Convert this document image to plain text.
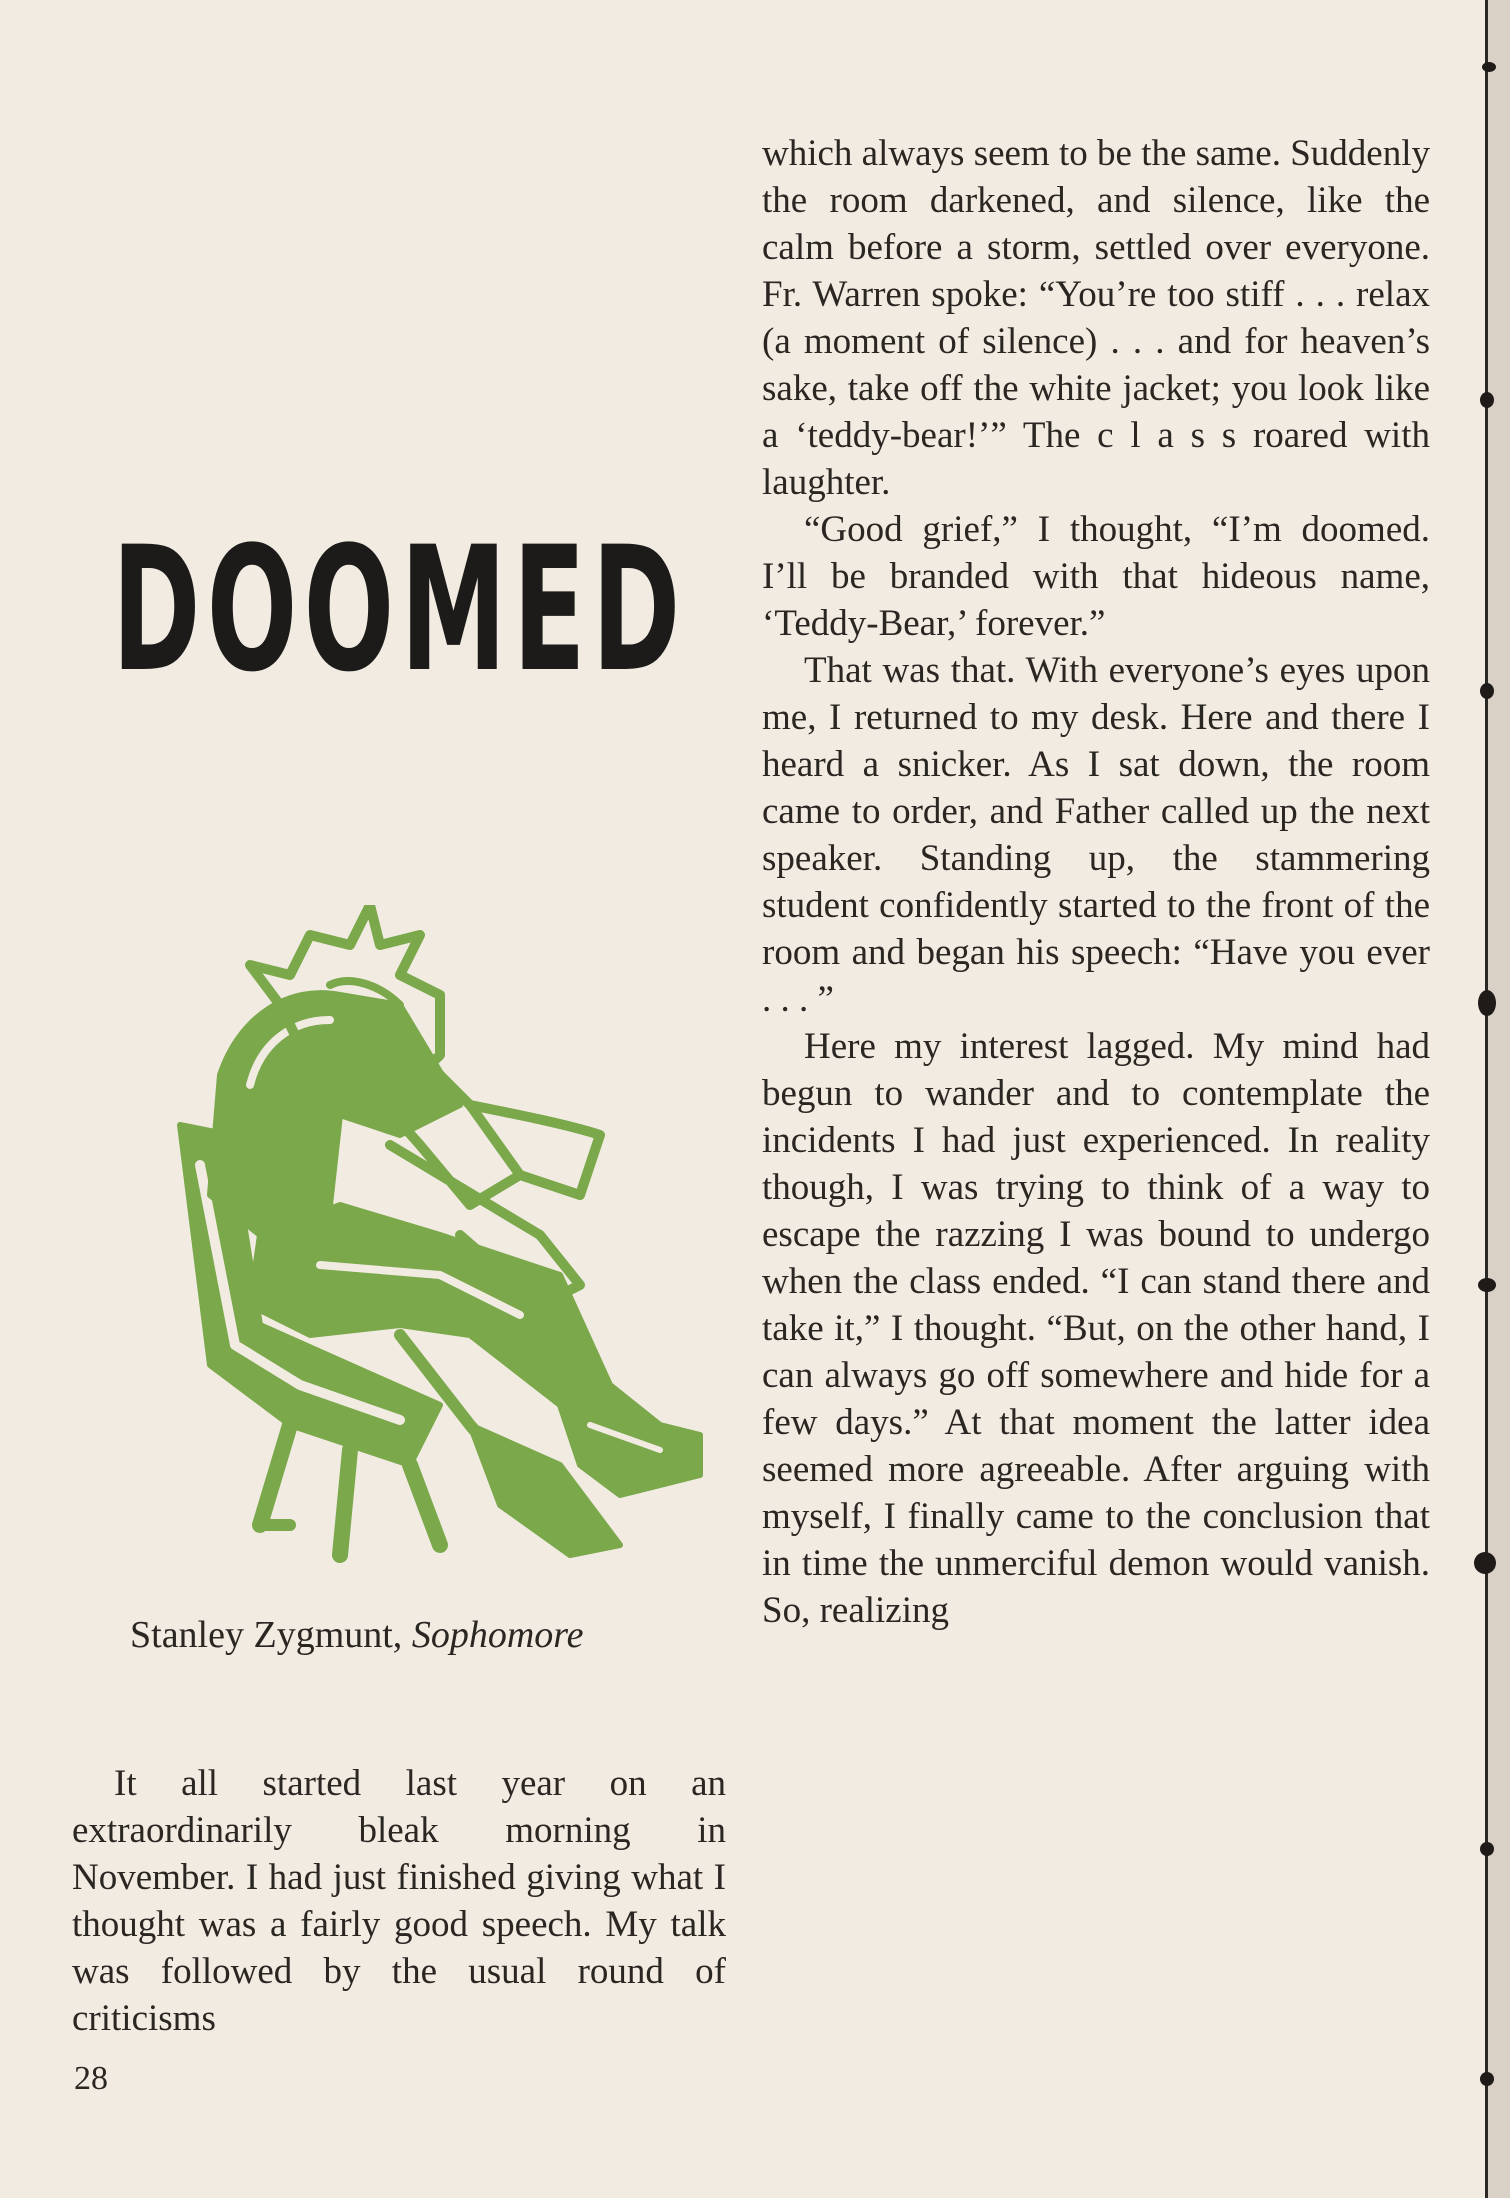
DOOMED
Stanley Zygmunt, Sophomore

It all started last year on an extraordinarily bleak morning in November. I had just finished giving what I thought was a fairly good speech. My talk was followed by the usual round of criticisms

which always seem to be the same. Suddenly the room darkened, and silence, like the calm before a storm, settled over everyone. Fr. Warren spoke: “You’re too stiff . . . relax (a moment of silence) . . . and for heaven’s sake, take off the white jacket; you look like a ‘teddy-bear!’” The c l a s s roared with laughter.

“Good grief,” I thought, “I’m doomed. I’ll be branded with that hideous name, ‘Teddy-Bear,’ forever.”

That was that. With everyone’s eyes upon me, I returned to my desk. Here and there I heard a snicker. As I sat down, the room came to order, and Father called up the next speaker. Standing up, the stammering student confidently started to the front of the room and began his speech: “Have you ever . . . ”

Here my interest lagged. My mind had begun to wander and to contemplate the incidents I had just experienced. In reality though, I was trying to think of a way to escape the razzing I was bound to undergo when the class ended. “I can stand there and take it,” I thought. “But, on the other hand, I can always go off somewhere and hide for a few days.” At that moment the latter idea seemed more agreeable. After arguing with myself, I finally came to the conclusion that in time the unmerciful demon would vanish. So, realizing

28
